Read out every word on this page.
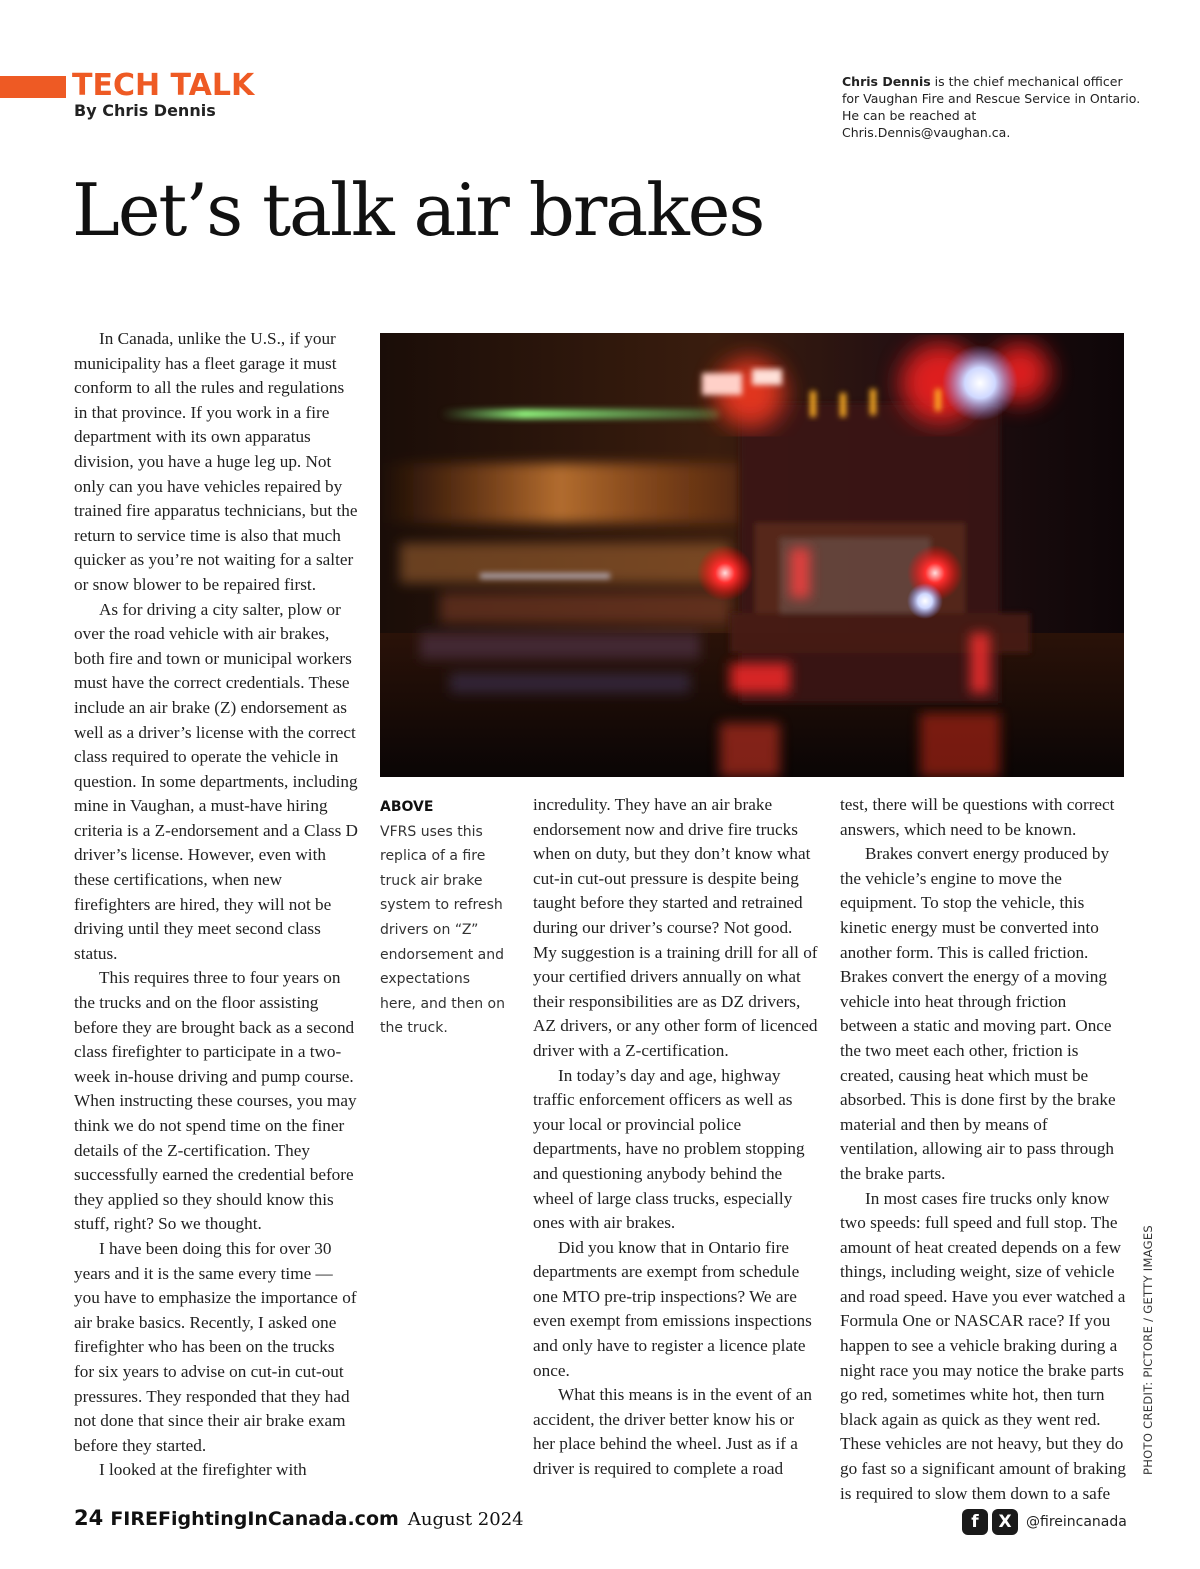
TECH TALK
By Chris Dennis
Chris Dennis is the chief mechanical officer for Vaughan Fire and Rescue Service in Ontario. He can be reached at Chris.Dennis@vaughan.ca.
Let’s talk air brakes

In Canada, unlike the U.S., if your municipality has a fleet garage it must conform to all the rules and regulations in that province. If you work in a fire department with its own apparatus division, you have a huge leg up. Not only can you have vehicles repaired by trained fire apparatus technicians, but the return to service time is also that much quicker as you’re not waiting for a salter or snow blower to be repaired first.

As for driving a city salter, plow or over the road vehicle with air brakes, both fire and town or municipal workers must have the correct credentials. These include an air brake (Z) endorsement as well as a driver’s license with the correct class required to operate the vehicle in question. In some departments, including mine in Vaughan, a must-have hiring criteria is a Z-endorsement and a Class D driver’s license. However, even with these certifications, when new firefighters are hired, they will not be driving until they meet second class status.

This requires three to four years on the trucks and on the floor assisting before they are brought back as a second class firefighter to participate in a two-week in-house driving and pump course. When instructing these courses, you may think we do not spend time on the finer details of the Z-certification. They successfully earned the credential before they applied so they should know this stuff, right? So we thought.

I have been doing this for over 30 years and it is the same every time — you have to emphasize the importance of air brake basics. Recently, I asked one firefighter who has been on the trucks for six years to advise on cut-in cut-out pressures. They responded that they had not done that since their air brake exam before they started.

I looked at the firefighter with

ABOVE
VFRS uses this replica of a fire truck air brake system to refresh drivers on “Z” endorsement and expectations here, and then on the truck.

incredulity. They have an air brake endorsement now and drive fire trucks when on duty, but they don’t know what cut-in cut-out pressure is despite being taught before they started and retrained during our driver’s course? Not good. My suggestion is a training drill for all of your certified drivers annually on what their responsibilities are as DZ drivers, AZ drivers, or any other form of licenced driver with a Z-certification.

In today’s day and age, highway traffic enforcement officers as well as your local or provincial police departments, have no problem stopping and questioning anybody behind the wheel of large class trucks, especially ones with air brakes.

Did you know that in Ontario fire departments are exempt from schedule one MTO pre-trip inspections? We are even exempt from emissions inspections and only have to register a licence plate once.

What this means is in the event of an accident, the driver better know his or her place behind the wheel. Just as if a driver is required to complete a road

test, there will be questions with correct answers, which need to be known.

Brakes convert energy produced by the vehicle’s engine to move the equipment. To stop the vehicle, this kinetic energy must be converted into another form. This is called friction. Brakes convert the energy of a moving vehicle into heat through friction between a static and moving part. Once the two meet each other, friction is created, causing heat which must be absorbed. This is done first by the brake material and then by means of ventilation, allowing air to pass through the brake parts.

In most cases fire trucks only know two speeds: full speed and full stop. The amount of heat created depends on a few things, including weight, size of vehicle and road speed. Have you ever watched a Formula One or NASCAR race? If you happen to see a vehicle braking during a night race you may notice the brake parts go red, sometimes white hot, then turn black again as quick as they went red. These vehicles are not heavy, but they do go fast so a significant amount of braking is required to slow them down to a safe

PHOTO CREDIT: PICTORE / GETTY IMAGES
24 FIREFightingInCanada.com August 2024	f	X	@fireincanada
